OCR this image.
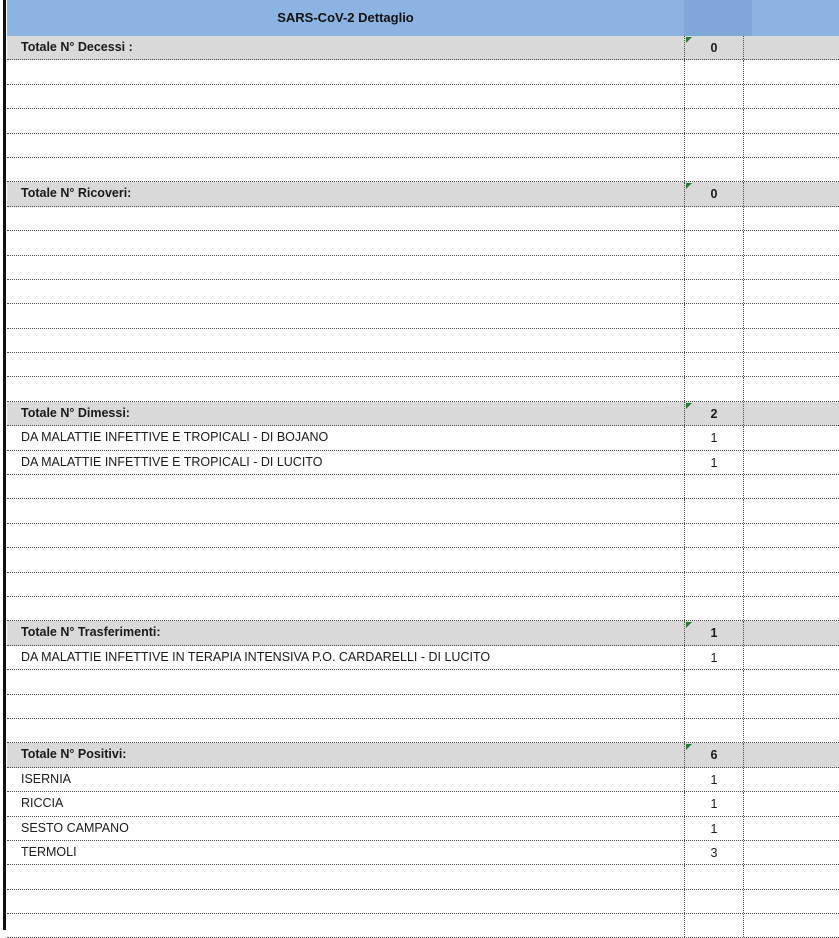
SARS-CoV-2 Dettaglio
Totale N° Decessi :	0
Totale N° Ricoveri:	0
Totale N° Dimessi:	2
DA MALATTIE INFETTIVE E TROPICALI - DI BOJANO	1
DA MALATTIE INFETTIVE E TROPICALI - DI LUCITO	1
Totale N° Trasferimenti:	1
DA MALATTIE INFETTIVE IN TERAPIA INTENSIVA P.O. CARDARELLI - DI LUCITO	1
Totale N° Positivi:	6
ISERNIA	1
RICCIA	1
SESTO CAMPANO	1
TERMOLI	3
